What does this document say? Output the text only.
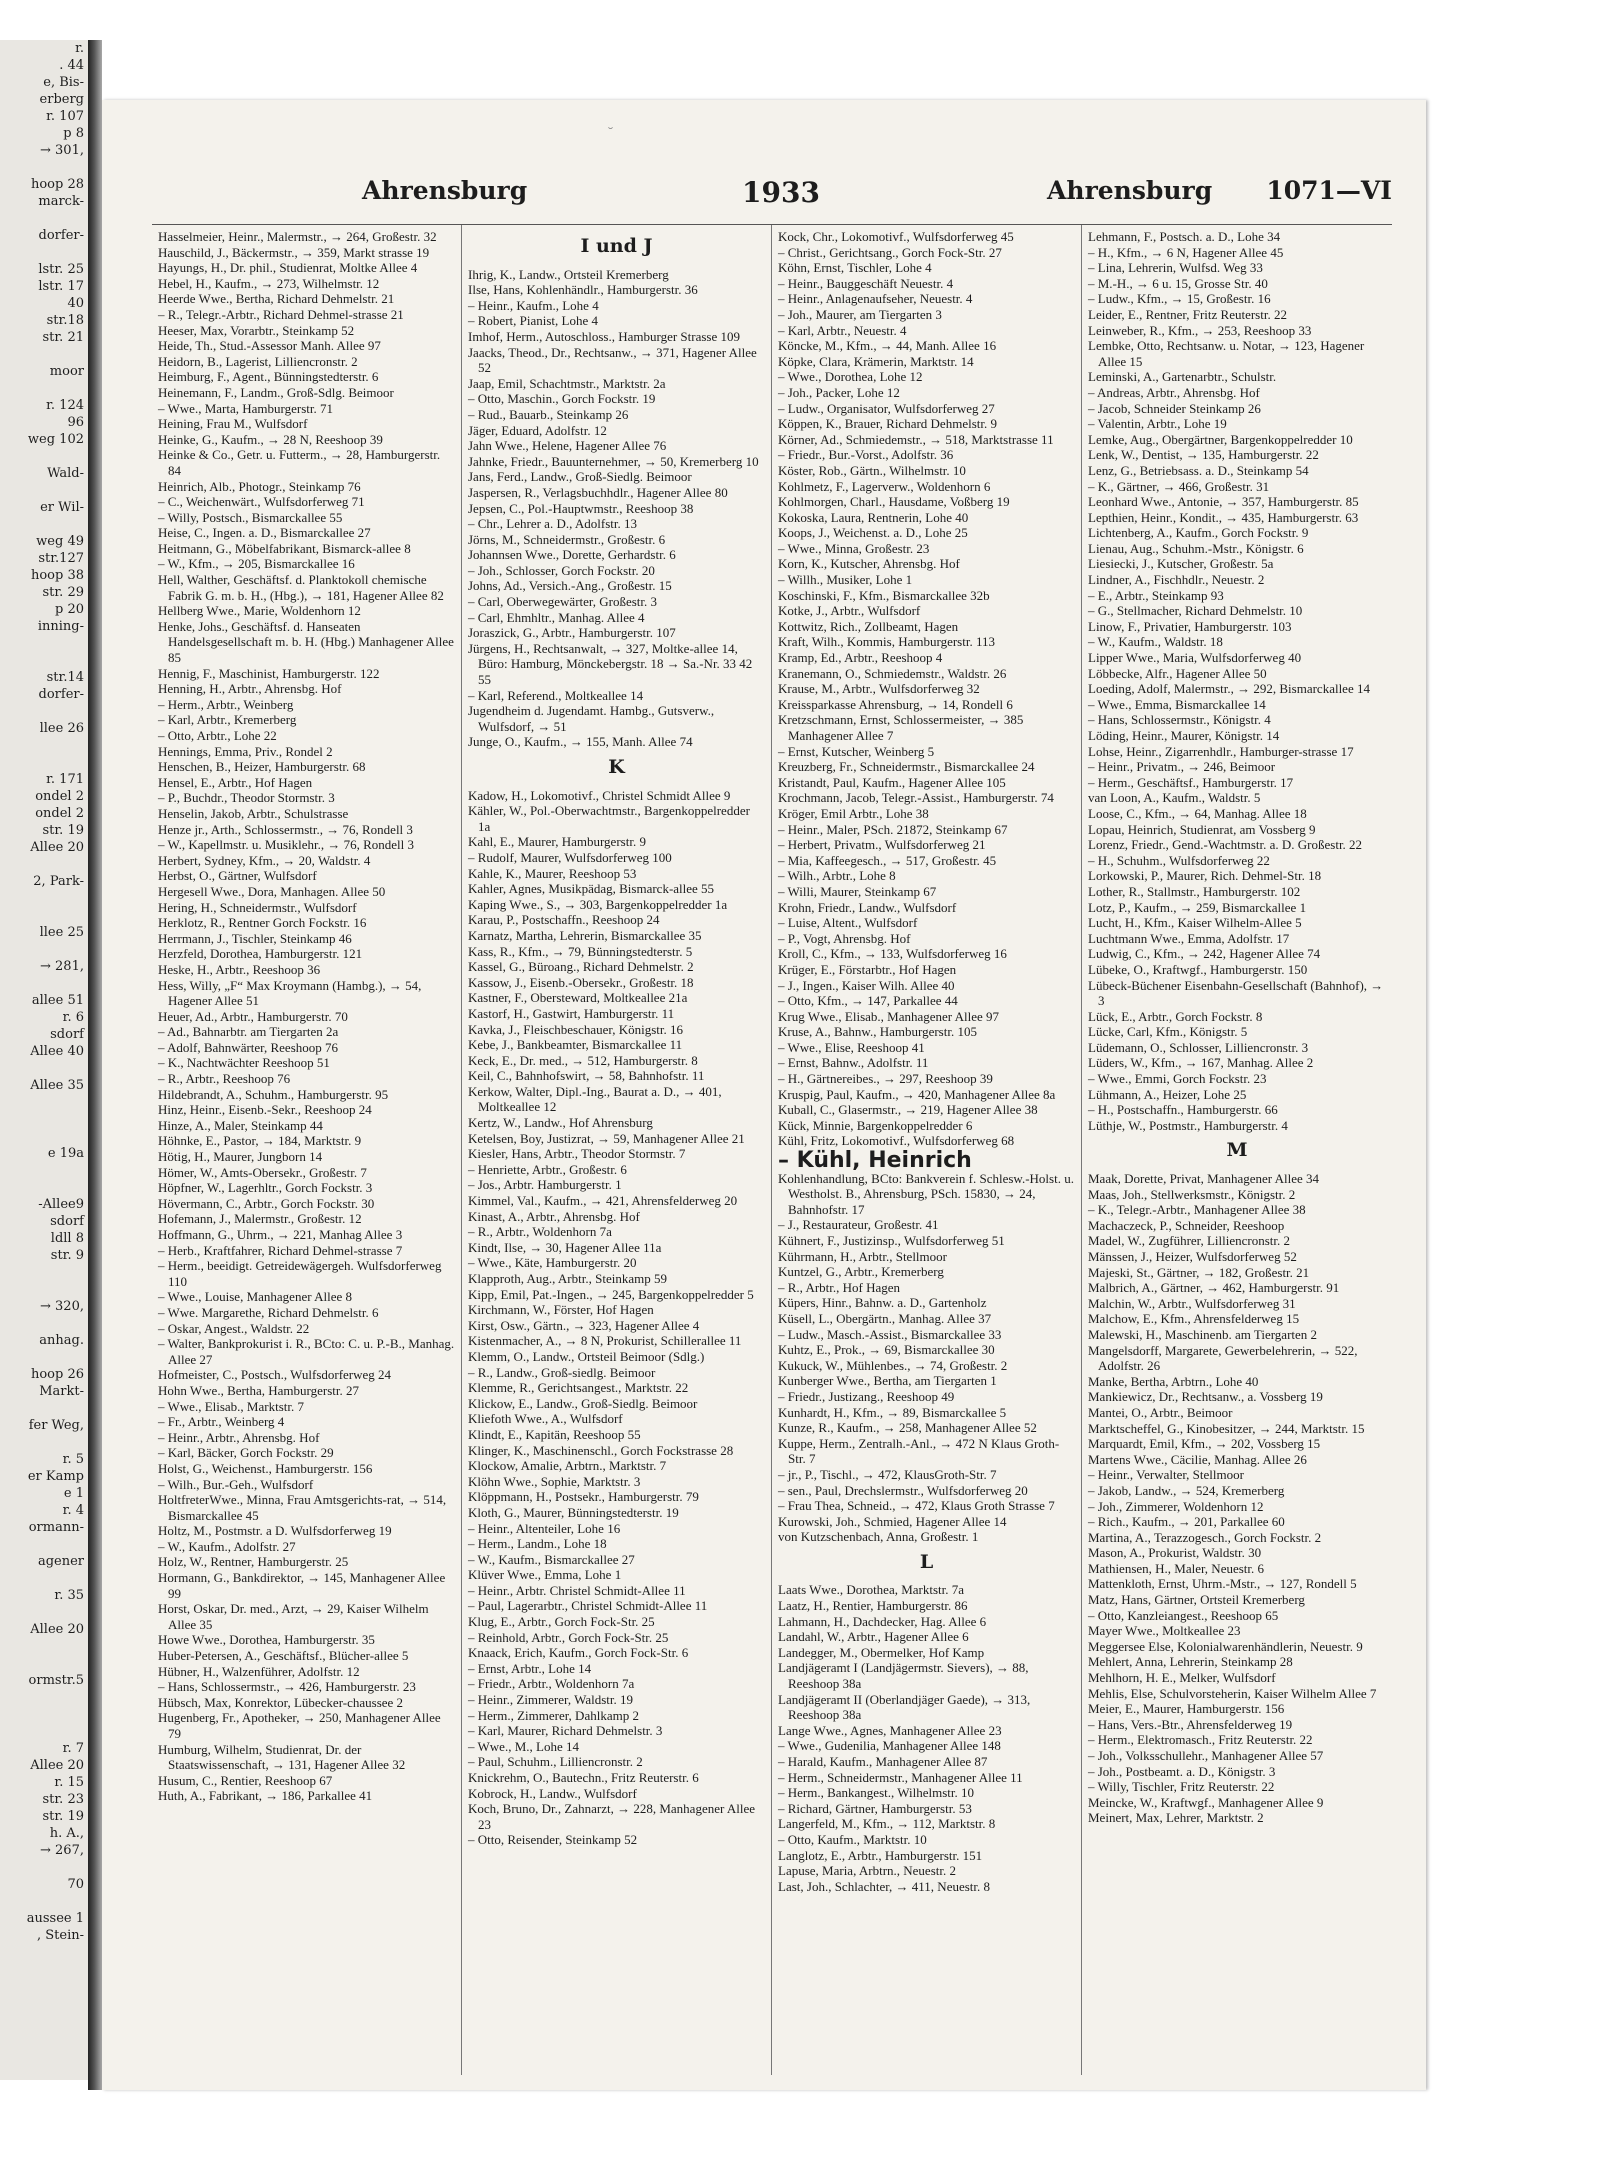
r.
. 44
e, Bis-
erberg
r. 107
p 8
→ 301,

hoop 28
marck-

dorfer-

lstr. 25
lstr. 17
40
str.18
str. 21

moor

r. 124
96
weg 102

Wald-

er Wil-

weg 49
str.127
hoop 38
str. 29
p 20
inning-

str.14
dorfer-

llee 26

r. 171
ondel 2
ondel 2
str. 19
Allee 20

2, Park-

llee 25

→ 281,

allee 51
r. 6
sdorf
Allee 40

Allee 35

e 19a

-Allee9
sdorf
ldll 8
str. 9

→ 320,

anhag.

hoop 26
Markt-

fer Weg,

r. 5
er Kamp
e 1
r. 4
ormann-

agener

r. 35

Allee 20

ormstr.5

r. 7
Allee 20
r. 15
str. 23
str. 19
h. A.,
→ 267,

70

aussee 1
, Stein-
˘
Ahrensburg	1933	Ahrensburg 1071—VI
Hasselmeier, Heinr., Malermstr., → 264, Großestr. 32
Hauschild, J., Bäckermstr., → 359, Markt strasse 19
Hayungs, H., Dr. phil., Studienrat, Moltke Allee 4
Hebel, H., Kaufm., → 273, Wilhelmstr. 12
Heerde Wwe., Bertha, Richard Dehmelstr. 21
– R., Telegr.-Arbtr., Richard Dehmel-strasse 21
Heeser, Max, Vorarbtr., Steinkamp 52
Heide, Th., Stud.-Assessor Manh. Allee 97
Heidorn, B., Lagerist, Lilliencronstr. 2
Heimburg, F., Agent., Bünningstedterstr. 6
Heinemann, F., Landm., Groß-Sdlg. Beimoor
– Wwe., Marta, Hamburgerstr. 71
Heining, Frau M., Wulfsdorf
Heinke, G., Kaufm., → 28 N, Reeshoop 39
Heinke & Co., Getr. u. Futterm., → 28, Hamburgerstr. 84
Heinrich, Alb., Photogr., Steinkamp 76
– C., Weichenwärt., Wulfsdorferweg 71
– Willy, Postsch., Bismarckallee 55
Heise, C., Ingen. a. D., Bismarckallee 27
Heitmann, G., Möbelfabrikant, Bismarck-allee 8
– W., Kfm., → 205, Bismarckallee 16
Hell, Walther, Geschäftsf. d. Planktokoll chemische Fabrik G. m. b. H., (Hbg.), → 181, Hagener Allee 82
Hellberg Wwe., Marie, Woldenhorn 12
Henke, Johs., Geschäftsf. d. Hanseaten Handelsgesellschaft m. b. H. (Hbg.) Manhagener Allee 85
Hennig, F., Maschinist, Hamburgerstr. 122
Henning, H., Arbtr., Ahrensbg. Hof
– Herm., Arbtr., Weinberg
– Karl, Arbtr., Kremerberg
– Otto, Arbtr., Lohe 22
Hennings, Emma, Priv., Rondel 2
Henschen, B., Heizer, Hamburgerstr. 68
Hensel, E., Arbtr., Hof Hagen
– P., Buchdr., Theodor Stormstr. 3
Henselin, Jakob, Arbtr., Schulstrasse
Henze jr., Arth., Schlossermstr., → 76, Rondell 3
– W., Kapellmstr. u. Musiklehr., → 76, Rondell 3
Herbert, Sydney, Kfm., → 20, Waldstr. 4
Herbst, O., Gärtner, Wulfsdorf
Hergesell Wwe., Dora, Manhagen. Allee 50
Hering, H., Schneidermstr., Wulfsdorf
Herklotz, R., Rentner Gorch Fockstr. 16
Herrmann, J., Tischler, Steinkamp 46
Herzfeld, Dorothea, Hamburgerstr. 121
Heske, H., Arbtr., Reeshoop 36
Hess, Willy, „F“ Max Kroymann (Hambg.), → 54, Hagener Allee 51
Heuer, Ad., Arbtr., Hamburgerstr. 70
– Ad., Bahnarbtr. am Tiergarten 2a
– Adolf, Bahnwärter, Reeshoop 76
– K., Nachtwächter Reeshoop 51
– R., Arbtr., Reeshoop 76
Hildebrandt, A., Schuhm., Hamburgerstr. 95
Hinz, Heinr., Eisenb.-Sekr., Reeshoop 24
Hinze, A., Maler, Steinkamp 44
Höhnke, E., Pastor, → 184, Marktstr. 9
Hötig, H., Maurer, Jungborn 14
Hömer, W., Amts-Obersekr., Großestr. 7
Höpfner, W., Lagerhltr., Gorch Fockstr. 3
Hövermann, C., Arbtr., Gorch Fockstr. 30
Hofemann, J., Malermstr., Großestr. 12
Hoffmann, G., Uhrm., → 221, Manhag Allee 3
– Herb., Kraftfahrer, Richard Dehmel-strasse 7
– Herm., beeidigt. Getreidewägergeh. Wulfsdorferweg 110
– Wwe., Louise, Manhagener Allee 8
– Wwe. Margarethe, Richard Dehmelstr. 6
– Oskar, Angest., Waldstr. 22
– Walter, Bankprokurist i. R., BCto: C. u. P.-B., Manhag. Allee 27
Hofmeister, C., Postsch., Wulfsdorferweg 24
Hohn Wwe., Bertha, Hamburgerstr. 27
– Wwe., Elisab., Marktstr. 7
– Fr., Arbtr., Weinberg 4
– Heinr., Arbtr., Ahrensbg. Hof
– Karl, Bäcker, Gorch Fockstr. 29
Holst, G., Weichenst., Hamburgerstr. 156
– Wilh., Bur.-Geh., Wulfsdorf
HoltfreterWwe., Minna, Frau Amtsgerichts-rat, → 514, Bismarckallee 45
Holtz, M., Postmstr. a D. Wulfsdorferweg 19
– W., Kaufm., Adolfstr. 27
Holz, W., Rentner, Hamburgerstr. 25
Hormann, G., Bankdirektor, → 145, Manhagener Allee 99
Horst, Oskar, Dr. med., Arzt, → 29, Kaiser Wilhelm Allee 35
Howe Wwe., Dorothea, Hamburgerstr. 35
Huber-Petersen, A., Geschäftsf., Blücher-allee 5
Hübner, H., Walzenführer, Adolfstr. 12
– Hans, Schlossermstr., → 426, Hamburgerstr. 23
Hübsch, Max, Konrektor, Lübecker-chaussee 2
Hugenberg, Fr., Apotheker, → 250, Manhagener Allee 79
Humburg, Wilhelm, Studienrat, Dr. der Staatswissenschaft, → 131, Hagener Allee 32
Husum, C., Rentier, Reeshoop 67
Huth, A., Fabrikant, → 186, Parkallee 41
I und J
Ihrig, K., Landw., Ortsteil Kremerberg
Ilse, Hans, Kohlenhändlr., Hamburgerstr. 36
– Heinr., Kaufm., Lohe 4
– Robert, Pianist, Lohe 4
Imhof, Herm., Autoschloss., Hamburger Strasse 109
Jaacks, Theod., Dr., Rechtsanw., → 371, Hagener Allee 52
Jaap, Emil, Schachtmstr., Marktstr. 2a
– Otto, Maschin., Gorch Fockstr. 19
– Rud., Bauarb., Steinkamp 26
Jäger, Eduard, Adolfstr. 12
Jahn Wwe., Helene, Hagener Allee 76
Jahnke, Friedr., Bauunternehmer, → 50, Kremerberg 10
Jans, Ferd., Landw., Groß-Siedlg. Beimoor
Jaspersen, R., Verlagsbuchhdlr., Hagener Allee 80
Jepsen, C., Pol.-Hauptwmstr., Reeshoop 38
– Chr., Lehrer a. D., Adolfstr. 13
Jörns, M., Schneidermstr., Großestr. 6
Johannsen Wwe., Dorette, Gerhardstr. 6
– Joh., Schlosser, Gorch Fockstr. 20
Johns, Ad., Versich.-Ang., Großestr. 15
– Carl, Oberwegewärter, Großestr. 3
– Carl, Ehmhltr., Manhag. Allee 4
Joraszick, G., Arbtr., Hamburgerstr. 107
Jürgens, H., Rechtsanwalt, → 327, Moltke-allee 14, Büro: Hamburg, Mönckebergstr. 18 → Sa.-Nr. 33 42 55
– Karl, Referend., Moltkeallee 14
Jugendheim d. Jugendamt. Hambg., Gutsverw., Wulfsdorf, → 51
Junge, O., Kaufm., → 155, Manh. Allee 74
K
Kadow, H., Lokomotivf., Christel Schmidt Allee 9
Kähler, W., Pol.-Oberwachtmstr., Bargenkoppelredder 1a
Kahl, E., Maurer, Hamburgerstr. 9
– Rudolf, Maurer, Wulfsdorferweg 100
Kahle, K., Maurer, Reeshoop 53
Kahler, Agnes, Musikpädag, Bismarck-allee 55
Kaping Wwe., S., → 303, Bargenkoppelredder 1a
Karau, P., Postschaffn., Reeshoop 24
Karnatz, Martha, Lehrerin, Bismarckallee 35
Kass, R., Kfm., → 79, Bünningstedterstr. 5
Kassel, G., Büroang., Richard Dehmelstr. 2
Kassow, J., Eisenb.-Obersekr., Großestr. 18
Kastner, F., Obersteward, Moltkeallee 21a
Kastorf, H., Gastwirt, Hamburgerstr. 11
Kavka, J., Fleischbeschauer, Königstr. 16
Kebe, J., Bankbeamter, Bismarckallee 11
Keck, E., Dr. med., → 512, Hamburgerstr. 8
Keil, C., Bahnhofswirt, → 58, Bahnhofstr. 11
Kerkow, Walter, Dipl.-Ing., Baurat a. D., → 401, Moltkeallee 12
Kertz, W., Landw., Hof Ahrensburg
Ketelsen, Boy, Justizrat, → 59, Manhagener Allee 21
Kiesler, Hans, Arbtr., Theodor Stormstr. 7
– Henriette, Arbtr., Großestr. 6
– Jos., Arbtr. Hamburgerstr. 1
Kimmel, Val., Kaufm., → 421, Ahrensfelderweg 20
Kinast, A., Arbtr., Ahrensbg. Hof
– R., Arbtr., Woldenhorn 7a
Kindt, Ilse, → 30, Hagener Allee 11a
– Wwe., Käte, Hamburgerstr. 20
Klapproth, Aug., Arbtr., Steinkamp 59
Kipp, Emil, Pat.-Ingen., → 245, Bargenkoppelredder 5
Kirchmann, W., Förster, Hof Hagen
Kirst, Osw., Gärtn., → 323, Hagener Allee 4
Kistenmacher, A., → 8 N, Prokurist, Schillerallee 11
Klemm, O., Landw., Ortsteil Beimoor (Sdlg.)
– R., Landw., Groß-siedlg. Beimoor
Klemme, R., Gerichtsangest., Marktstr. 22
Klickow, E., Landw., Groß-Siedlg. Beimoor
Kliefoth Wwe., A., Wulfsdorf
Klindt, E., Kapitän, Reeshoop 55
Klinger, K., Maschinenschl., Gorch Fockstrasse 28
Klockow, Amalie, Arbtrn., Marktstr. 7
Klöhn Wwe., Sophie, Marktstr. 3
Klöppmann, H., Postsekr., Hamburgerstr. 79
Kloth, G., Maurer, Bünningstedterstr. 19
– Heinr., Altenteiler, Lohe 16
– Herm., Landm., Lohe 18
– W., Kaufm., Bismarckallee 27
Klüver Wwe., Emma, Lohe 1
– Heinr., Arbtr. Christel Schmidt-Allee 11
– Paul, Lagerarbtr., Christel Schmidt-Allee 11
Klug, E., Arbtr., Gorch Fock-Str. 25
– Reinhold, Arbtr., Gorch Fock-Str. 25
Knaack, Erich, Kaufm., Gorch Fock-Str. 6
– Ernst, Arbtr., Lohe 14
– Friedr., Arbtr., Woldenhorn 7a
– Heinr., Zimmerer, Waldstr. 19
– Herm., Zimmerer, Dahlkamp 2
– Karl, Maurer, Richard Dehmelstr. 3
– Wwe., M., Lohe 14
– Paul, Schuhm., Lilliencronstr. 2
Knickrehm, O., Bautechn., Fritz Reuterstr. 6
Kobrock, H., Landw., Wulfsdorf
Koch, Bruno, Dr., Zahnarzt, → 228, Manhagener Allee 23
– Otto, Reisender, Steinkamp 52
Kock, Chr., Lokomotivf., Wulfsdorferweg 45
– Christ., Gerichtsang., Gorch Fock-Str. 27
Köhn, Ernst, Tischler, Lohe 4
– Heinr., Bauggeschäft Neuestr. 4
– Heinr., Anlagenaufseher, Neuestr. 4
– Joh., Maurer, am Tiergarten 3
– Karl, Arbtr., Neuestr. 4
Köncke, M., Kfm., → 44, Manh. Allee 16
Köpke, Clara, Krämerin, Marktstr. 14
– Wwe., Dorothea, Lohe 12
– Joh., Packer, Lohe 12
– Ludw., Organisator, Wulfsdorferweg 27
Köppen, K., Brauer, Richard Dehmelstr. 9
Körner, Ad., Schmiedemstr., → 518, Marktstrasse 11
– Friedr., Bur.-Vorst., Adolfstr. 36
Köster, Rob., Gärtn., Wilhelmstr. 10
Kohlmetz, F., Lagerverw., Woldenhorn 6
Kohlmorgen, Charl., Hausdame, Voßberg 19
Kokoska, Laura, Rentnerin, Lohe 40
Koops, J., Weichenst. a. D., Lohe 25
– Wwe., Minna, Großestr. 23
Korn, K., Kutscher, Ahrensbg. Hof
– Willh., Musiker, Lohe 1
Koschinski, F., Kfm., Bismarckallee 32b
Kotke, J., Arbtr., Wulfsdorf
Kottwitz, Rich., Zollbeamt, Hagen
Kraft, Wilh., Kommis, Hamburgerstr. 113
Kramp, Ed., Arbtr., Reeshoop 4
Kranemann, O., Schmiedemstr., Waldstr. 26
Krause, M., Arbtr., Wulfsdorferweg 32
Kreissparkasse Ahrensburg, → 14, Rondell 6
Kretzschmann, Ernst, Schlossermeister, → 385 Manhagener Allee 7
– Ernst, Kutscher, Weinberg 5
Kreuzberg, Fr., Schneidermstr., Bismarckallee 24
Kristandt, Paul, Kaufm., Hagener Allee 105
Krochmann, Jacob, Telegr.-Assist., Hamburgerstr. 74
Kröger, Emil Arbtr., Lohe 38
– Heinr., Maler, PSch. 21872, Steinkamp 67
– Herbert, Privatm., Wulfsdorferweg 21
– Mia, Kaffeegesch., → 517, Großestr. 45
– Wilh., Arbtr., Lohe 8
– Willi, Maurer, Steinkamp 67
Krohn, Friedr., Landw., Wulfsdorf
– Luise, Altent., Wulfsdorf
– P., Vogt, Ahrensbg. Hof
Kroll, C., Kfm., → 133, Wulfsdorferweg 16
Krüger, E., Förstarbtr., Hof Hagen
– J., Ingen., Kaiser Wilh. Allee 40
– Otto, Kfm., → 147, Parkallee 44
Krug Wwe., Elisab., Manhagener Allee 97
Kruse, A., Bahnw., Hamburgerstr. 105
– Wwe., Elise, Reeshoop 41
– Ernst, Bahnw., Adolfstr. 11
– H., Gärtnereibes., → 297, Reeshoop 39
Kruspig, Paul, Kaufm., → 420, Manhagener Allee 8a
Kuball, C., Glasermstr., → 219, Hagener Allee 38
Kück, Minnie, Bargenkoppelredder 6
Kühl, Fritz, Lokomotivf., Wulfsdorferweg 68
– Kühl, Heinrich
Kohlenhandlung, BCto: Bankverein f. Schlesw.-Holst. u. Westholst. B., Ahrensburg, PSch. 15830, → 24, Bahnhofstr. 17
– J., Restaurateur, Großestr. 41
Kühnert, F., Justizinsp., Wulfsdorferweg 51
Kührmann, H., Arbtr., Stellmoor
Kuntzel, G., Arbtr., Kremerberg
– R., Arbtr., Hof Hagen
Küpers, Hinr., Bahnw. a. D., Gartenholz
Küsell, L., Obergärtn., Manhag. Allee 37
– Ludw., Masch.-Assist., Bismarckallee 33
Kuhtz, E., Prok., → 69, Bismarckallee 30
Kukuck, W., Mühlenbes., → 74, Großestr. 2
Kunberger Wwe., Bertha, am Tiergarten 1
– Friedr., Justizang., Reeshoop 49
Kunhardt, H., Kfm., → 89, Bismarckallee 5
Kunze, R., Kaufm., → 258, Manhagener Allee 52
Kuppe, Herm., Zentralh.-Anl., → 472 N Klaus Groth-Str. 7
– jr., P., Tischl., → 472, KlausGroth-Str. 7
– sen., Paul, Drechslermstr., Wulfsdorferweg 20
– Frau Thea, Schneid., → 472, Klaus Groth Strasse 7
Kurowski, Joh., Schmied, Hagener Allee 14
von Kutzschenbach, Anna, Großestr. 1
L
Laats Wwe., Dorothea, Marktstr. 7a
Laatz, H., Rentier, Hamburgerstr. 86
Lahmann, H., Dachdecker, Hag. Allee 6
Landahl, W., Arbtr., Hagener Allee 6
Landegger, M., Obermelker, Hof Kamp
Landjägeramt I (Landjägermstr. Sievers), → 88, Reeshoop 38a
Landjägeramt II (Oberlandjäger Gaede), → 313, Reeshoop 38a
Lange Wwe., Agnes, Manhagener Allee 23
– Wwe., Gudenilia, Manhagener Allee 148
– Harald, Kaufm., Manhagener Allee 87
– Herm., Schneidermstr., Manhagener Allee 11
– Herm., Bankangest., Wilhelmstr. 10
– Richard, Gärtner, Hamburgerstr. 53
Langerfeld, M., Kfm., → 112, Marktstr. 8
– Otto, Kaufm., Marktstr. 10
Langlotz, E., Arbtr., Hamburgerstr. 151
Lapuse, Maria, Arbtrn., Neuestr. 2
Last, Joh., Schlachter, → 411, Neuestr. 8
Lehmann, F., Postsch. a. D., Lohe 34
– H., Kfm., → 6 N, Hagener Allee 45
– Lina, Lehrerin, Wulfsd. Weg 33
– M.-H., → 6 u. 15, Grosse Str. 40
– Ludw., Kfm., → 15, Großestr. 16
Leider, E., Rentner, Fritz Reuterstr. 22
Leinweber, R., Kfm., → 253, Reeshoop 33
Lembke, Otto, Rechtsanw. u. Notar, → 123, Hagener Allee 15
Leminski, A., Gartenarbtr., Schulstr.
– Andreas, Arbtr., Ahrensbg. Hof
– Jacob, Schneider Steinkamp 26
– Valentin, Arbtr., Lohe 19
Lemke, Aug., Obergärtner, Bargenkoppelredder 10
Lenk, W., Dentist, → 135, Hamburgerstr. 22
Lenz, G., Betriebsass. a. D., Steinkamp 54
– K., Gärtner, → 466, Großestr. 31
Leonhard Wwe., Antonie, → 357, Hamburgerstr. 85
Lepthien, Heinr., Kondit., → 435, Hamburgerstr. 63
Lichtenberg, A., Kaufm., Gorch Fockstr. 9
Lienau, Aug., Schuhm.-Mstr., Königstr. 6
Liesiecki, J., Kutscher, Großestr. 5a
Lindner, A., Fischhdlr., Neuestr. 2
– E., Arbtr., Steinkamp 93
– G., Stellmacher, Richard Dehmelstr. 10
Linow, F., Privatier, Hamburgerstr. 103
– W., Kaufm., Waldstr. 18
Lipper Wwe., Maria, Wulfsdorferweg 40
Löbbecke, Alfr., Hagener Allee 50
Loeding, Adolf, Malermstr., → 292, Bismarckallee 14
– Wwe., Emma, Bismarckallee 14
– Hans, Schlossermstr., Königstr. 4
Löding, Heinr., Maurer, Königstr. 14
Lohse, Heinr., Zigarrenhdlr., Hamburger-strasse 17
– Heinr., Privatm., → 246, Beimoor
– Herm., Geschäftsf., Hamburgerstr. 17
van Loon, A., Kaufm., Waldstr. 5
Loose, C., Kfm., → 64, Manhag. Allee 18
Lopau, Heinrich, Studienrat, am Vossberg 9
Lorenz, Friedr., Gend.-Wachtmstr. a. D. Großestr. 22
– H., Schuhm., Wulfsdorferweg 22
Lorkowski, P., Maurer, Rich. Dehmel-Str. 18
Lother, R., Stallmstr., Hamburgerstr. 102
Lotz, P., Kaufm., → 259, Bismarckallee 1
Lucht, H., Kfm., Kaiser Wilhelm-Allee 5
Luchtmann Wwe., Emma, Adolfstr. 17
Ludwig, C., Kfm., → 242, Hagener Allee 74
Lübeke, O., Kraftwgf., Hamburgerstr. 150
Lübeck-Büchener Eisenbahn-Gesellschaft (Bahnhof), → 3
Lück, E., Arbtr., Gorch Fockstr. 8
Lücke, Carl, Kfm., Königstr. 5
Lüdemann, O., Schlosser, Lilliencronstr. 3
Lüders, W., Kfm., → 167, Manhag. Allee 2
– Wwe., Emmi, Gorch Fockstr. 23
Lühmann, A., Heizer, Lohe 25
– H., Postschaffn., Hamburgerstr. 66
Lüthje, W., Postmstr., Hamburgerstr. 4
M
Maak, Dorette, Privat, Manhagener Allee 34
Maas, Joh., Stellwerksmstr., Königstr. 2
– K., Telegr.-Arbtr., Manhagener Allee 38
Machaczeck, P., Schneider, Reeshoop
Madel, W., Zugführer, Lilliencronstr. 2
Mänssen, J., Heizer, Wulfsdorferweg 52
Majeski, St., Gärtner, → 182, Großestr. 21
Malbrich, A., Gärtner, → 462, Hamburgerstr. 91
Malchin, W., Arbtr., Wulfsdorferweg 31
Malchow, E., Kfm., Ahrensfelderweg 15
Malewski, H., Maschinenb. am Tiergarten 2
Mangelsdorff, Margarete, Gewerbelehrerin, → 522, Adolfstr. 26
Manke, Bertha, Arbtrn., Lohe 40
Mankiewicz, Dr., Rechtsanw., a. Vossberg 19
Mantei, O., Arbtr., Beimoor
Marktscheffel, G., Kinobesitzer, → 244, Marktstr. 15
Marquardt, Emil, Kfm., → 202, Vossberg 15
Martens Wwe., Cäcilie, Manhag. Allee 26
– Heinr., Verwalter, Stellmoor
– Jakob, Landw., → 524, Kremerberg
– Joh., Zimmerer, Woldenhorn 12
– Rich., Kaufm., → 201, Parkallee 60
Martina, A., Terazzogesch., Gorch Fockstr. 2
Mason, A., Prokurist, Waldstr. 30
Mathiensen, H., Maler, Neuestr. 6
Mattenkloth, Ernst, Uhrm.-Mstr., → 127, Rondell 5
Matz, Hans, Gärtner, Ortsteil Kremerberg
– Otto, Kanzleiangest., Reeshoop 65
Mayer Wwe., Moltkeallee 23
Meggersee Else, Kolonialwarenhändlerin, Neuestr. 9
Mehlert, Anna, Lehrerin, Steinkamp 28
Mehlhorn, H. E., Melker, Wulfsdorf
Mehlis, Else, Schulvorsteherin, Kaiser Wilhelm Allee 7
Meier, E., Maurer, Hamburgerstr. 156
– Hans, Vers.-Btr., Ahrensfelderweg 19
– Herm., Elektromasch., Fritz Reuterstr. 22
– Joh., Volksschullehr., Manhagener Allee 57
– Joh., Postbeamt. a. D., Königstr. 3
– Willy, Tischler, Fritz Reuterstr. 22
Meincke, W., Kraftwgf., Manhagener Allee 9
Meinert, Max, Lehrer, Marktstr. 2
